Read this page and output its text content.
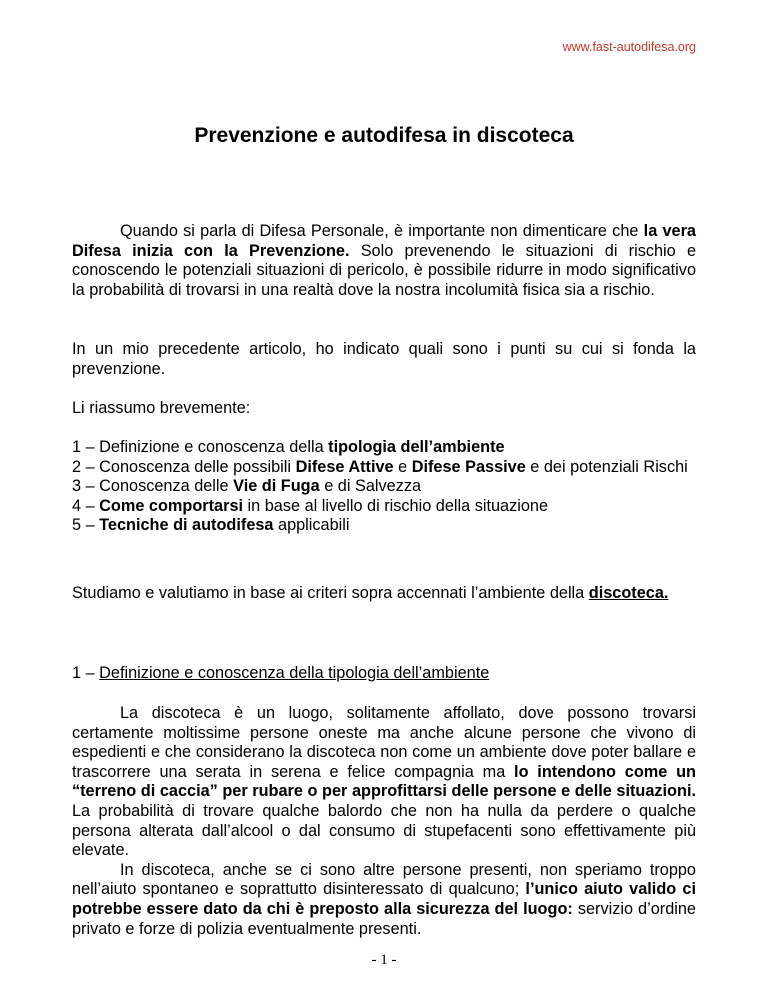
www.fast-autodifesa.org
Prevenzione e autodifesa in discoteca

Quando si parla di Difesa Personale, è importante non dimenticare che la vera Difesa inizia con la Prevenzione. Solo prevenendo le situazioni di rischio e conoscendo le potenziali situazioni di pericolo, è possibile ridurre in modo significativo la probabilità di trovarsi in una realtà dove la nostra incolumità fisica sia a rischio.

In un mio precedente articolo, ho indicato quali sono i punti su cui si fonda la prevenzione.

Li riassumo brevemente:

1 – Definizione e conoscenza della tipologia dell’ambiente

2 – Conoscenza delle possibili Difese Attive e Difese Passive e dei potenziali Rischi

3 – Conoscenza delle Vie di Fuga e di Salvezza

4 – Come comportarsi in base al livello di rischio della situazione

5 – Tecniche di autodifesa applicabili

Studiamo e valutiamo in base ai criteri sopra accennati l’ambiente della discoteca.

1 – Definizione e conoscenza della tipologia dell’ambiente

La discoteca è un luogo, solitamente affollato, dove possono trovarsi certamente moltissime persone oneste ma anche alcune persone che vivono di espedienti e che considerano la discoteca non come un ambiente dove poter ballare e trascorrere una serata in serena e felice compagnia ma lo intendono come un “terreno di caccia” per rubare o per approfittarsi delle persone e delle situazioni. La probabilità di trovare qualche balordo che non ha nulla da perdere o qualche persona alterata dall’alcool o dal consumo di stupefacenti sono effettivamente più elevate.

In discoteca, anche se ci sono altre persone presenti, non speriamo troppo nell’aiuto spontaneo e soprattutto disinteressato di qualcuno; l’unico aiuto valido ci potrebbe essere dato da chi è preposto alla sicurezza del luogo: servizio d’ordine privato e forze di polizia eventualmente presenti.

- 1 -
